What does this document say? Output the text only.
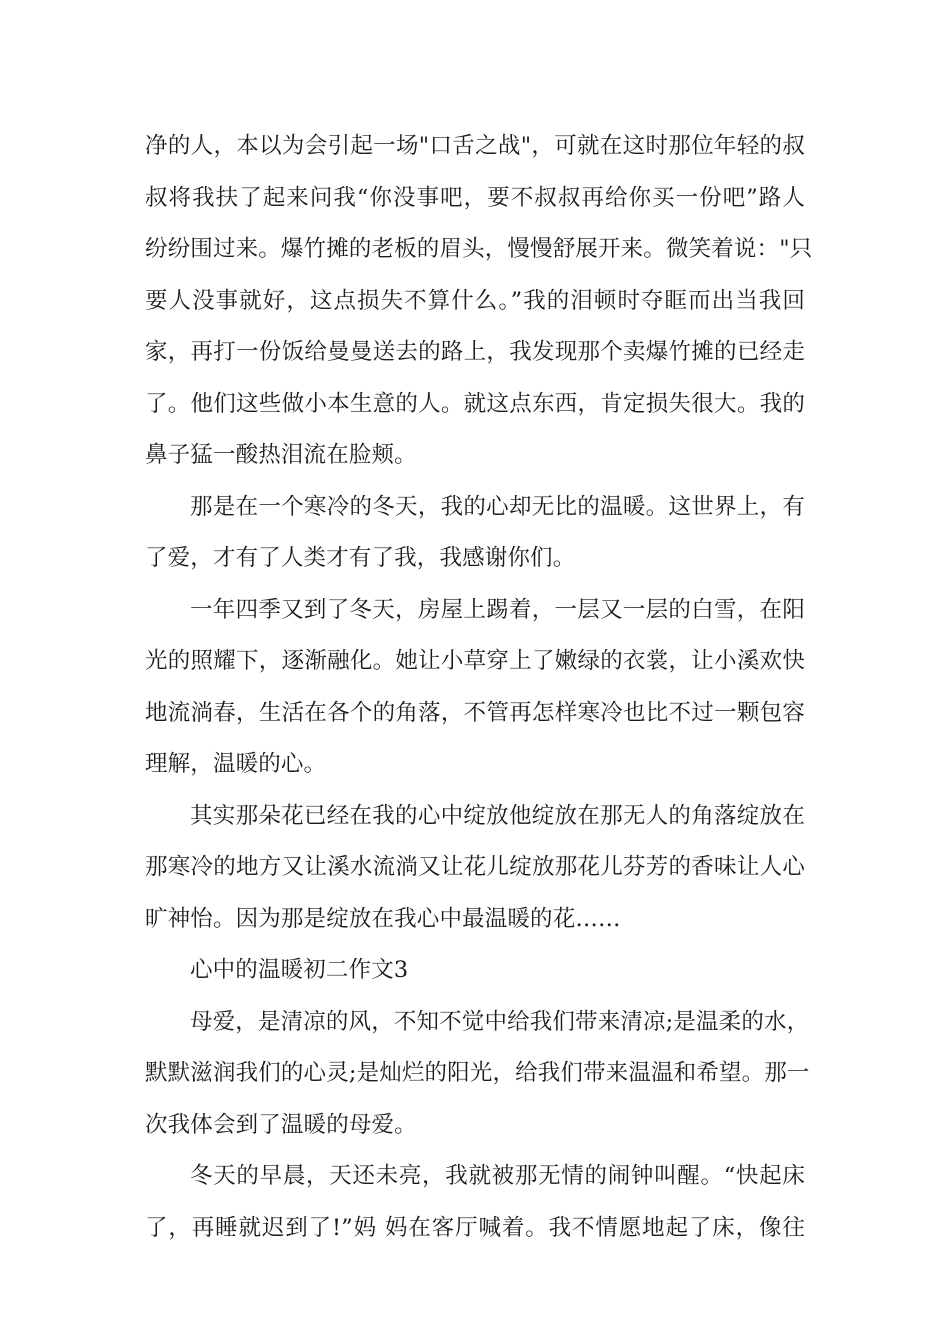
净的人，本以为会引起一场"口舌之战"，可就在这时那位年轻的叔
叔将我扶了起来问我“你没事吧，要不叔叔再给你买一份吧”路人
纷纷围过来。爆竹摊的老板的眉头，慢慢舒展开来。微笑着说："只
要人没事就好，这点损失不算什么。”我的泪顿时夺眶而出当我回
家，再打一份饭给曼曼送去的路上，我发现那个卖爆竹摊的已经走
了。他们这些做小本生意的人。就这点东西，肯定损失很大。我的
鼻子猛一酸热泪流在脸颊。
那是在一个寒冷的冬天，我的心却无比的温暖。这世界上，有
了爱，才有了人类才有了我，我感谢你们。
一年四季又到了冬天，房屋上踢着，一层又一层的白雪，在阳
光的照耀下，逐渐融化。她让小草穿上了嫩绿的衣裳，让小溪欢快
地流淌春，生活在各个的角落，不管再怎样寒冷也比不过一颗包容
理解，温暖的心。
其实那朵花已经在我的心中绽放他绽放在那无人的角落绽放在
那寒冷的地方又让溪水流淌又让花儿绽放那花儿芬芳的香味让人心
旷神怡。因为那是绽放在我心中最温暖的花……
心中的温暖初二作文3
母爱，是清凉的风，不知不觉中给我们带来清凉;是温柔的水，
默默滋润我们的心灵;是灿烂的阳光，给我们带来温温和希望。那一
次我体会到了温暖的母爱。
冬天的早晨，天还未亮，我就被那无情的闹钟叫醒。“快起床
了，再睡就迟到了!”妈 妈在客厅喊着。我不情愿地起了床，像往
